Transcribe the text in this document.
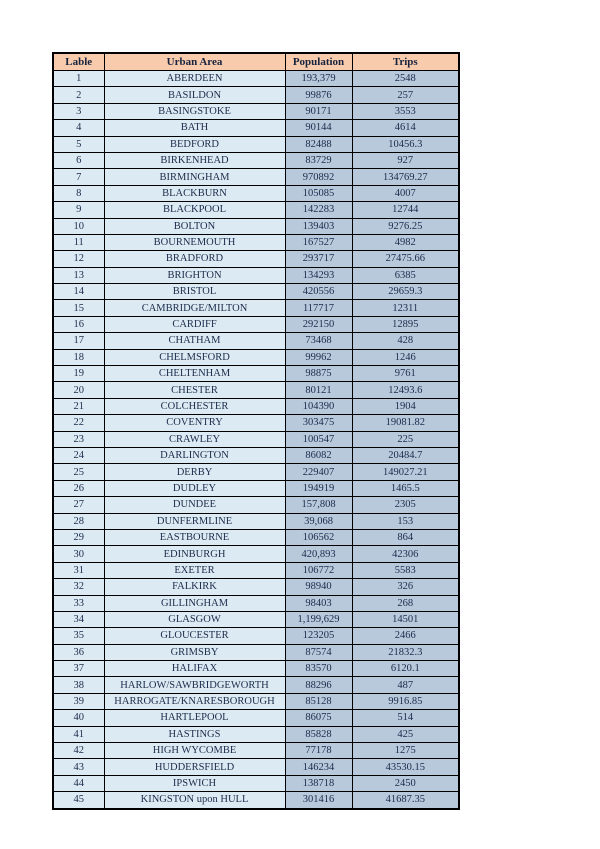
Lable	Urban Area	Population	Trips
1	ABERDEEN	193,379	2548
2	BASILDON	99876	257
3	BASINGSTOKE	90171	3553
4	BATH	90144	4614
5	BEDFORD	82488	10456.3
6	BIRKENHEAD	83729	927
7	BIRMINGHAM	970892	134769.27
8	BLACKBURN	105085	4007
9	BLACKPOOL	142283	12744
10	BOLTON	139403	9276.25
11	BOURNEMOUTH	167527	4982
12	BRADFORD	293717	27475.66
13	BRIGHTON	134293	6385
14	BRISTOL	420556	29659.3
15	CAMBRIDGE/MILTON	117717	12311
16	CARDIFF	292150	12895
17	CHATHAM	73468	428
18	CHELMSFORD	99962	1246
19	CHELTENHAM	98875	9761
20	CHESTER	80121	12493.6
21	COLCHESTER	104390	1904
22	COVENTRY	303475	19081.82
23	CRAWLEY	100547	225
24	DARLINGTON	86082	20484.7
25	DERBY	229407	149027.21
26	DUDLEY	194919	1465.5
27	DUNDEE	157,808	2305
28	DUNFERMLINE	39,068	153
29	EASTBOURNE	106562	864
30	EDINBURGH	420,893	42306
31	EXETER	106772	5583
32	FALKIRK	98940	326
33	GILLINGHAM	98403	268
34	GLASGOW	1,199,629	14501
35	GLOUCESTER	123205	2466
36	GRIMSBY	87574	21832.3
37	HALIFAX	83570	6120.1
38	HARLOW/SAWBRIDGEWORTH	88296	487
39	HARROGATE/KNARESBOROUGH	85128	9916.85
40	HARTLEPOOL	86075	514
41	HASTINGS	85828	425
42	HIGH WYCOMBE	77178	1275
43	HUDDERSFIELD	146234	43530.15
44	IPSWICH	138718	2450
45	KINGSTON upon HULL	301416	41687.35
